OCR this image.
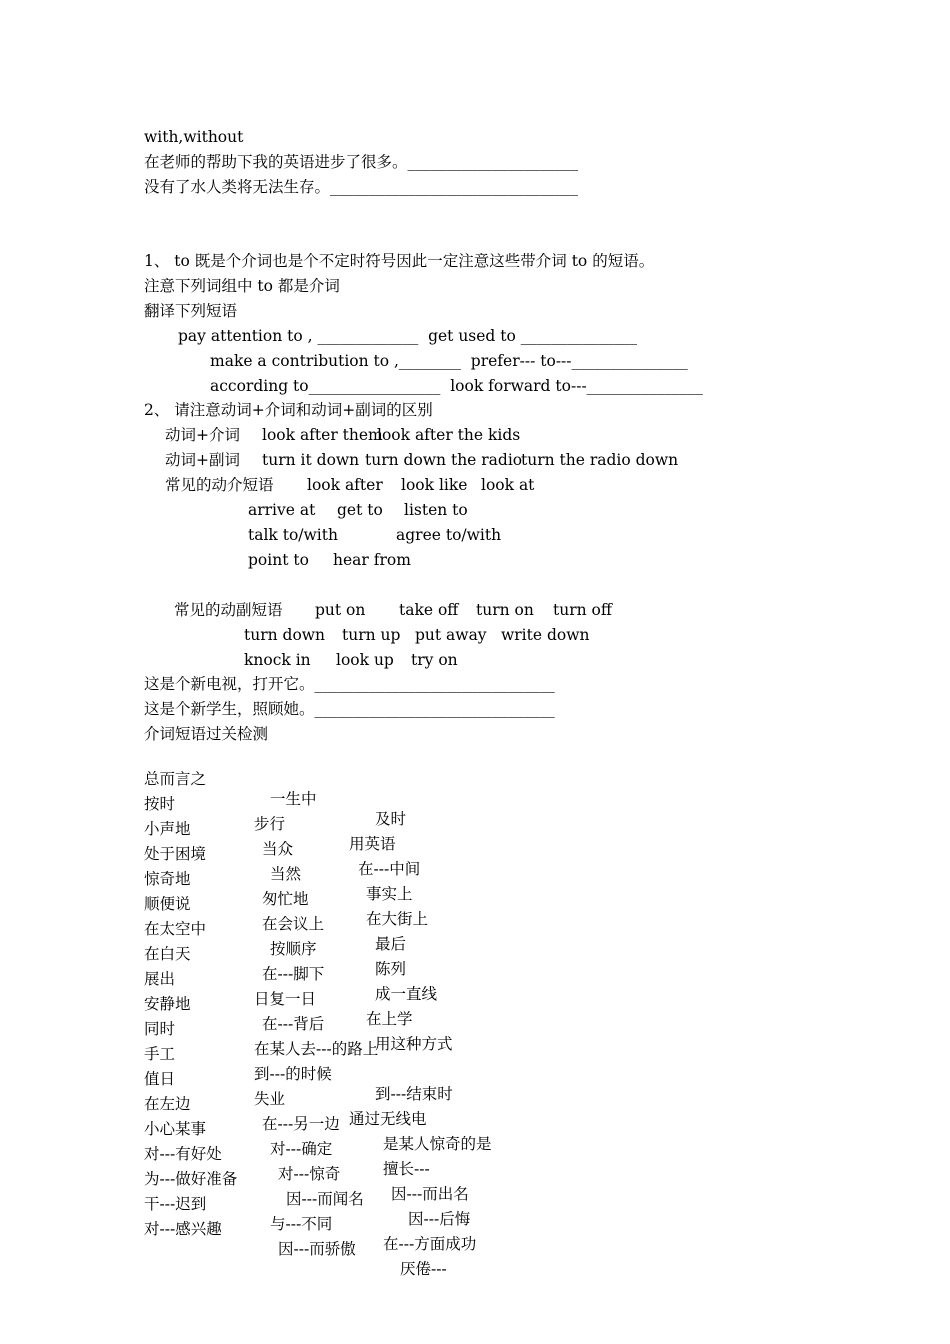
with,without
在老师的帮助下我的英语进步了很多。______________________
没有了水人类将无法生存。________________________________
1、 to 既是个介词也是个不定时符号因此一定注意这些带介词 to 的短语。
注意下列词组中 to 都是介词
翻译下列短语
pay attention to , _____________  get used to _______________
make a contribution to ,________  prefer--- to---_______________
according to_________________  look forward to---_______________
2、 请注意动词+介词和动词+副词的区别
动词+介词 look after them
look after the kids
动词+副词 turn it down turn down the radio
turn the radio down
常见的动介短语 look after look like look at
arrive at get to listen to
talk to/with	agree to/with
point to hear from
常见的动副短语 put on take off turn on turn off
turn down turn up put away write down
knock in look up try on
这是个新电视，打开它。_______________________________
这是个新学生，照顾她。_______________________________
介词短语过关检测

总而言之

一生中

及时

按时

步行

用英语

小声地

当众

在---中间

处于困境

当然

事实上

惊奇地

匆忙地

在大街上

顺便说

在会议上

最后

在太空中

按顺序

陈列

在白天

在---脚下

成一直线

展出

日复一日

在上学

安静地

在---背后

用这种方式

同时

在某人去---的路上

手工

到---的时候

到---结束时

值日

失业

通过无线电

在左边

在---另一边

是某人惊奇的是

小心某事

对---确定

擅长---

对---有好处

对---惊奇

因---而出名

为---做好准备

因---而闻名

因---后悔

干---迟到

与---不同

在---方面成功

对---感兴趣

因---而骄傲

厌倦---
